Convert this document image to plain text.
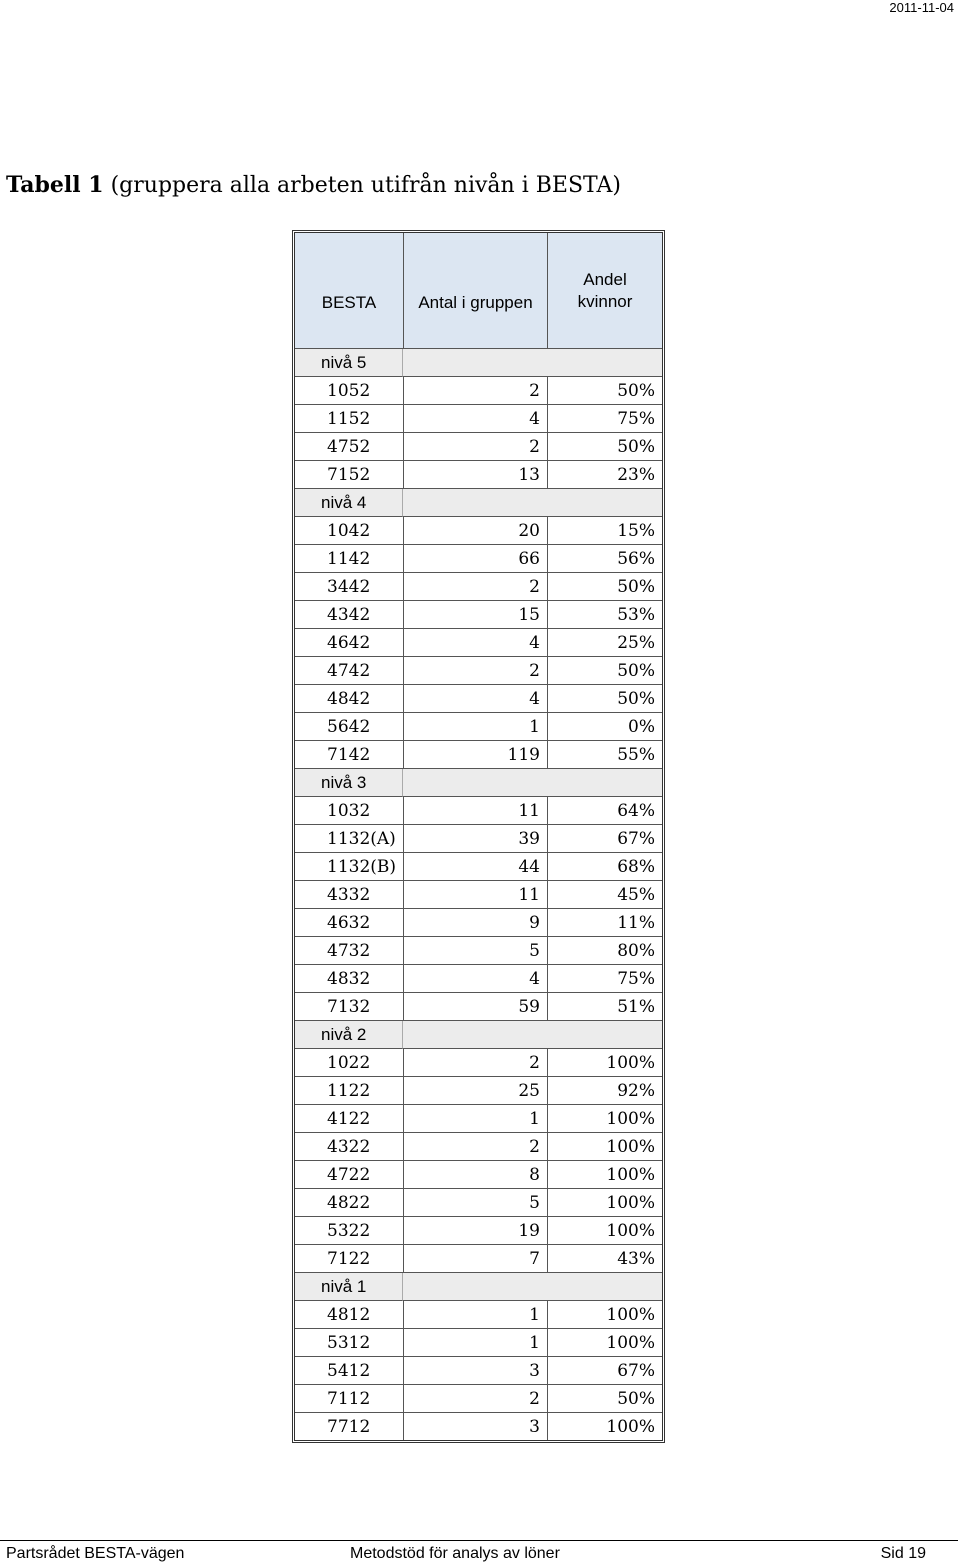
2011-11-04
Tabell 1 (gruppera alla arbeten utifrån nivån i BESTA)
BESTA	Antal i gruppen	Andel kvinnor

nivå 5		
1052	2	50%
1152	4	75%
4752	2	50%
7152	13	23%
nivå 4		
1042	20	15%
1142	66	56%
3442	2	50%
4342	15	53%
4642	4	25%
4742	2	50%
4842	4	50%
5642	1	0%
7142	119	55%
nivå 3		
1032	11	64%
1132(A)	39	67%
1132(B)	44	68%
4332	11	45%
4632	9	11%
4732	5	80%
4832	4	75%
7132	59	51%
nivå 2		
1022	2	100%
1122	25	92%
4122	1	100%
4322	2	100%
4722	8	100%
4822	5	100%
5322	19	100%
7122	7	43%
nivå 1		
4812	1	100%
5312	1	100%
5412	3	67%
7112	2	50%
7712	3	100%
Partsrådet BESTA-vägen	Metodstöd för analys av löner	Sid 19
